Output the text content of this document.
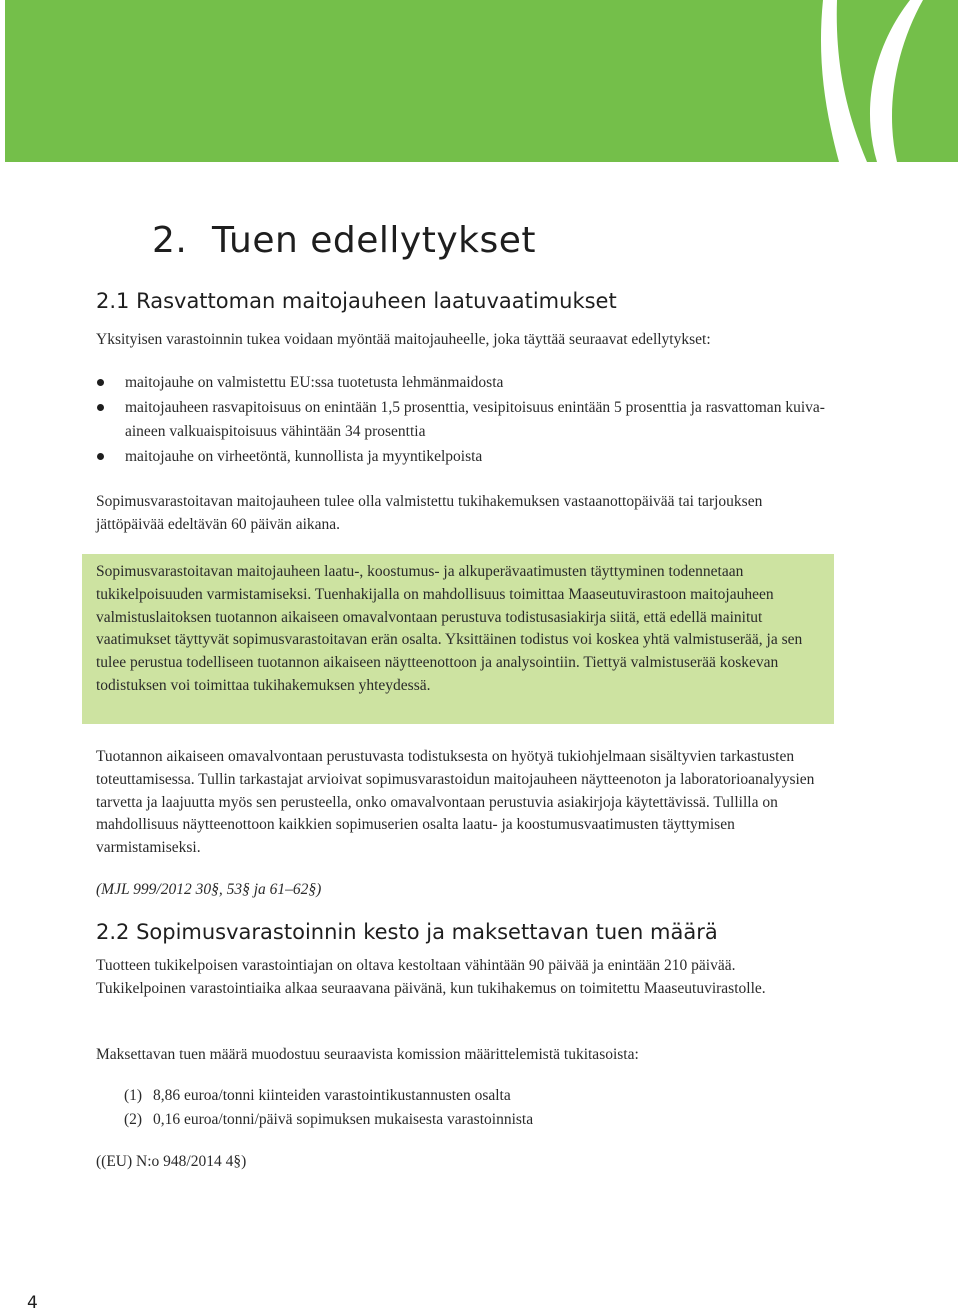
2. Tuen edellytykset
2.1 Rasvattoman maitojauheen laatuvaatimukset

Yksityisen varastoinnin tukea voidaan myöntää maitojauheelle, joka täyttää seuraavat edellytykset:

maitojauhe on valmistettu EU:ssa tuotetusta lehmänmaidosta
maitojauheen rasvapitoisuus on enintään 1,5 prosenttia, vesipitoisuus enintään 5 prosenttia ja rasvattoman kuiva-aineen valkuaispitoisuus vähintään 34 prosenttia
maitojauhe on virheetöntä, kunnollista ja myyntikelpoista

Sopimusvarastoitavan maitojauheen tulee olla valmistettu tukihakemuksen vastaanottopäivää tai tarjouksen jättöpäivää edeltävän 60 päivän aikana.

Sopimusvarastoitavan maitojauheen laatu-, koostumus- ja alkuperävaatimusten täyttyminen todennetaan tukikelpoisuuden varmistamiseksi. Tuenhakijalla on mahdollisuus toimittaa Maaseutuvirastoon maitojauheen valmistuslaitoksen tuotannon aikaiseen omavalvontaan perustuva todistusasiakirja siitä, että edellä mainitut vaatimukset täyttyvät sopimusvarastoitavan erän osalta. Yksittäinen todistus voi koskea yhtä valmistuserää, ja sen tulee perustua todelliseen tuotannon aikaiseen näytteenottoon ja analysointiin. Tiettyä valmistuserää koskevan todistuksen voi toimittaa tukihakemuksen yhteydessä.

Tuotannon aikaiseen omavalvontaan perustuvasta todistuksesta on hyötyä tukiohjelmaan sisältyvien tarkastusten toteuttamisessa. Tullin tarkastajat arvioivat sopimusvarastoidun maitojauheen näytteenoton ja laboratorioanalyysien tarvetta ja laajuutta myös sen perusteella, onko omavalvontaan perustuvia asiakirjoja käytettävissä. Tullilla on mahdollisuus näytteenottoon kaikkien sopimuserien osalta laatu- ja koostumusvaatimusten täyttymisen varmistamiseksi.

(MJL 999/2012 30§, 53§ ja 61–62§)

2.2 Sopimusvarastoinnin kesto ja maksettavan tuen määrä

Tuotteen tukikelpoisen varastointiajan on oltava kestoltaan vähintään 90 päivää ja enintään 210 päivää. Tukikelpoinen varastointiaika alkaa seuraavana päivänä, kun tukihakemus on toimitettu Maaseutuvirastolle.

Maksettavan tuen määrä muodostuu seuraavista komission määrittelemistä tukitasoista:

(1) 8,86 euroa/tonni kiinteiden varastointikustannusten osalta
(2) 0,16 euroa/tonni/päivä sopimuksen mukaisesta varastoinnista

((EU) N:o 948/2014 4§)

4
